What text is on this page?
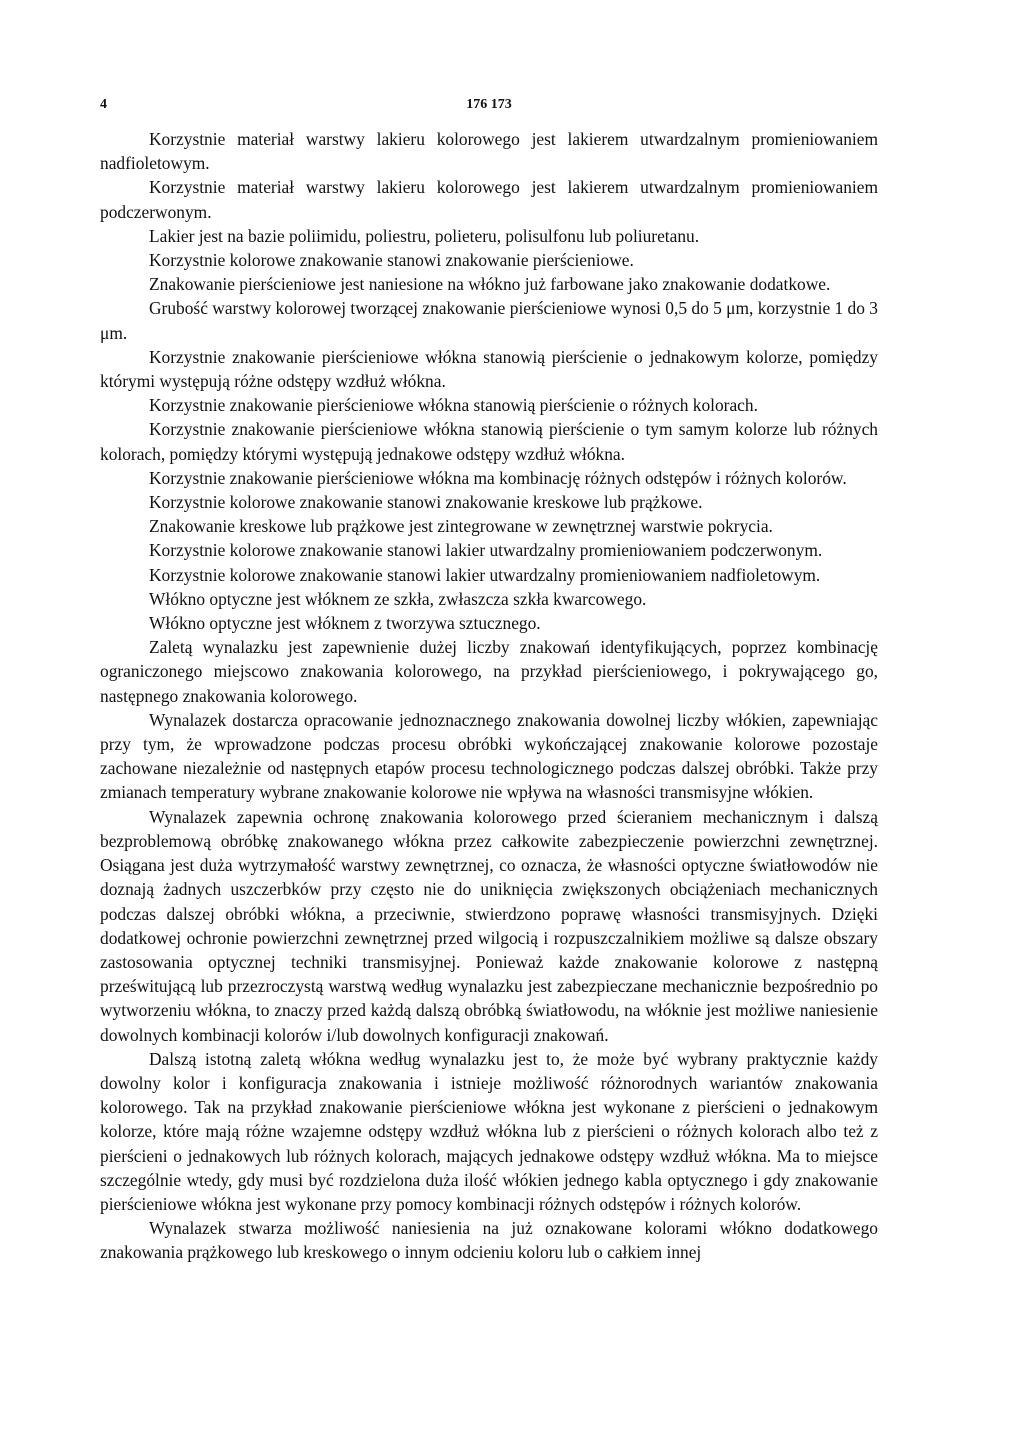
4	176 173

Korzystnie materiał warstwy lakieru kolorowego jest lakierem utwardzalnym promieniowaniem nadfioletowym.

Korzystnie materiał warstwy lakieru kolorowego jest lakierem utwardzalnym promieniowaniem podczerwonym.

Lakier jest na bazie poliimidu, poliestru, polieteru, polisulfonu lub poliuretanu.

Korzystnie kolorowe znakowanie stanowi znakowanie pierścieniowe.

Znakowanie pierścieniowe jest naniesione na włókno już farbowane jako znakowanie dodatkowe.

Grubość warstwy kolorowej tworzącej znakowanie pierścieniowe wynosi 0,5 do 5 μm, korzystnie 1 do 3 μm.

Korzystnie znakowanie pierścieniowe włókna stanowią pierścienie o jednakowym kolorze, pomiędzy którymi występują różne odstępy wzdłuż włókna.

Korzystnie znakowanie pierścieniowe włókna stanowią pierścienie o różnych kolorach.

Korzystnie znakowanie pierścieniowe włókna stanowią pierścienie o tym samym kolorze lub różnych kolorach, pomiędzy którymi występują jednakowe odstępy wzdłuż włókna.

Korzystnie znakowanie pierścieniowe włókna ma kombinację różnych odstępów i różnych kolorów.

Korzystnie kolorowe znakowanie stanowi znakowanie kreskowe lub prążkowe.

Znakowanie kreskowe lub prążkowe jest zintegrowane w zewnętrznej warstwie pokrycia.

Korzystnie kolorowe znakowanie stanowi lakier utwardzalny promieniowaniem podczerwonym.

Korzystnie kolorowe znakowanie stanowi lakier utwardzalny promieniowaniem nadfioletowym.

Włókno optyczne jest włóknem ze szkła, zwłaszcza szkła kwarcowego.

Włókno optyczne jest włóknem z tworzywa sztucznego.

Zaletą wynalazku jest zapewnienie dużej liczby znakowań identyfikujących, poprzez kombinację ograniczonego miejscowo znakowania kolorowego, na przykład pierścieniowego, i pokrywającego go, następnego znakowania kolorowego.

Wynalazek dostarcza opracowanie jednoznacznego znakowania dowolnej liczby włókien, zapewniając przy tym, że wprowadzone podczas procesu obróbki wykończającej znakowanie kolorowe pozostaje zachowane niezależnie od następnych etapów procesu technologicznego podczas dalszej obróbki. Także przy zmianach temperatury wybrane znakowanie kolorowe nie wpływa na własności transmisyjne włókien.

Wynalazek zapewnia ochronę znakowania kolorowego przed ścieraniem mechanicznym i dalszą bezproblemową obróbkę znakowanego włókna przez całkowite zabezpieczenie powierzchni zewnętrznej. Osiągana jest duża wytrzymałość warstwy zewnętrznej, co oznacza, że własności optyczne światłowodów nie doznają żadnych uszczerbków przy często nie do uniknięcia zwiększonych obciążeniach mechanicznych podczas dalszej obróbki włókna, a przeciwnie, stwierdzono poprawę własności transmisyjnych. Dzięki dodatkowej ochronie powierzchni zewnętrznej przed wilgocią i rozpuszczalnikiem możliwe są dalsze obszary zastosowania optycznej techniki transmisyjnej. Ponieważ każde znakowanie kolorowe z następną prześwitującą lub przezroczystą warstwą według wynalazku jest zabezpieczane mechanicznie bezpośrednio po wytworzeniu włókna, to znaczy przed każdą dalszą obróbką światłowodu, na włóknie jest możliwe naniesienie dowolnych kombinacji kolorów i/lub dowolnych konfiguracji znakowań.

Dalszą istotną zaletą włókna według wynalazku jest to, że może być wybrany praktycznie każdy dowolny kolor i konfiguracja znakowania i istnieje możliwość różnorodnych wariantów znakowania kolorowego. Tak na przykład znakowanie pierścieniowe włókna jest wykonane z pierścieni o jednakowym kolorze, które mają różne wzajemne odstępy wzdłuż włókna lub z pierścieni o różnych kolorach albo też z pierścieni o jednakowych lub różnych kolorach, mających jednakowe odstępy wzdłuż włókna. Ma to miejsce szczególnie wtedy, gdy musi być rozdzielona duża ilość włókien jednego kabla optycznego i gdy znakowanie pierścieniowe włókna jest wykonane przy pomocy kombinacji różnych odstępów i różnych kolorów.

Wynalazek stwarza możliwość naniesienia na już oznakowane kolorami włókno dodatkowego znakowania prążkowego lub kreskowego o innym odcieniu koloru lub o całkiem innej
